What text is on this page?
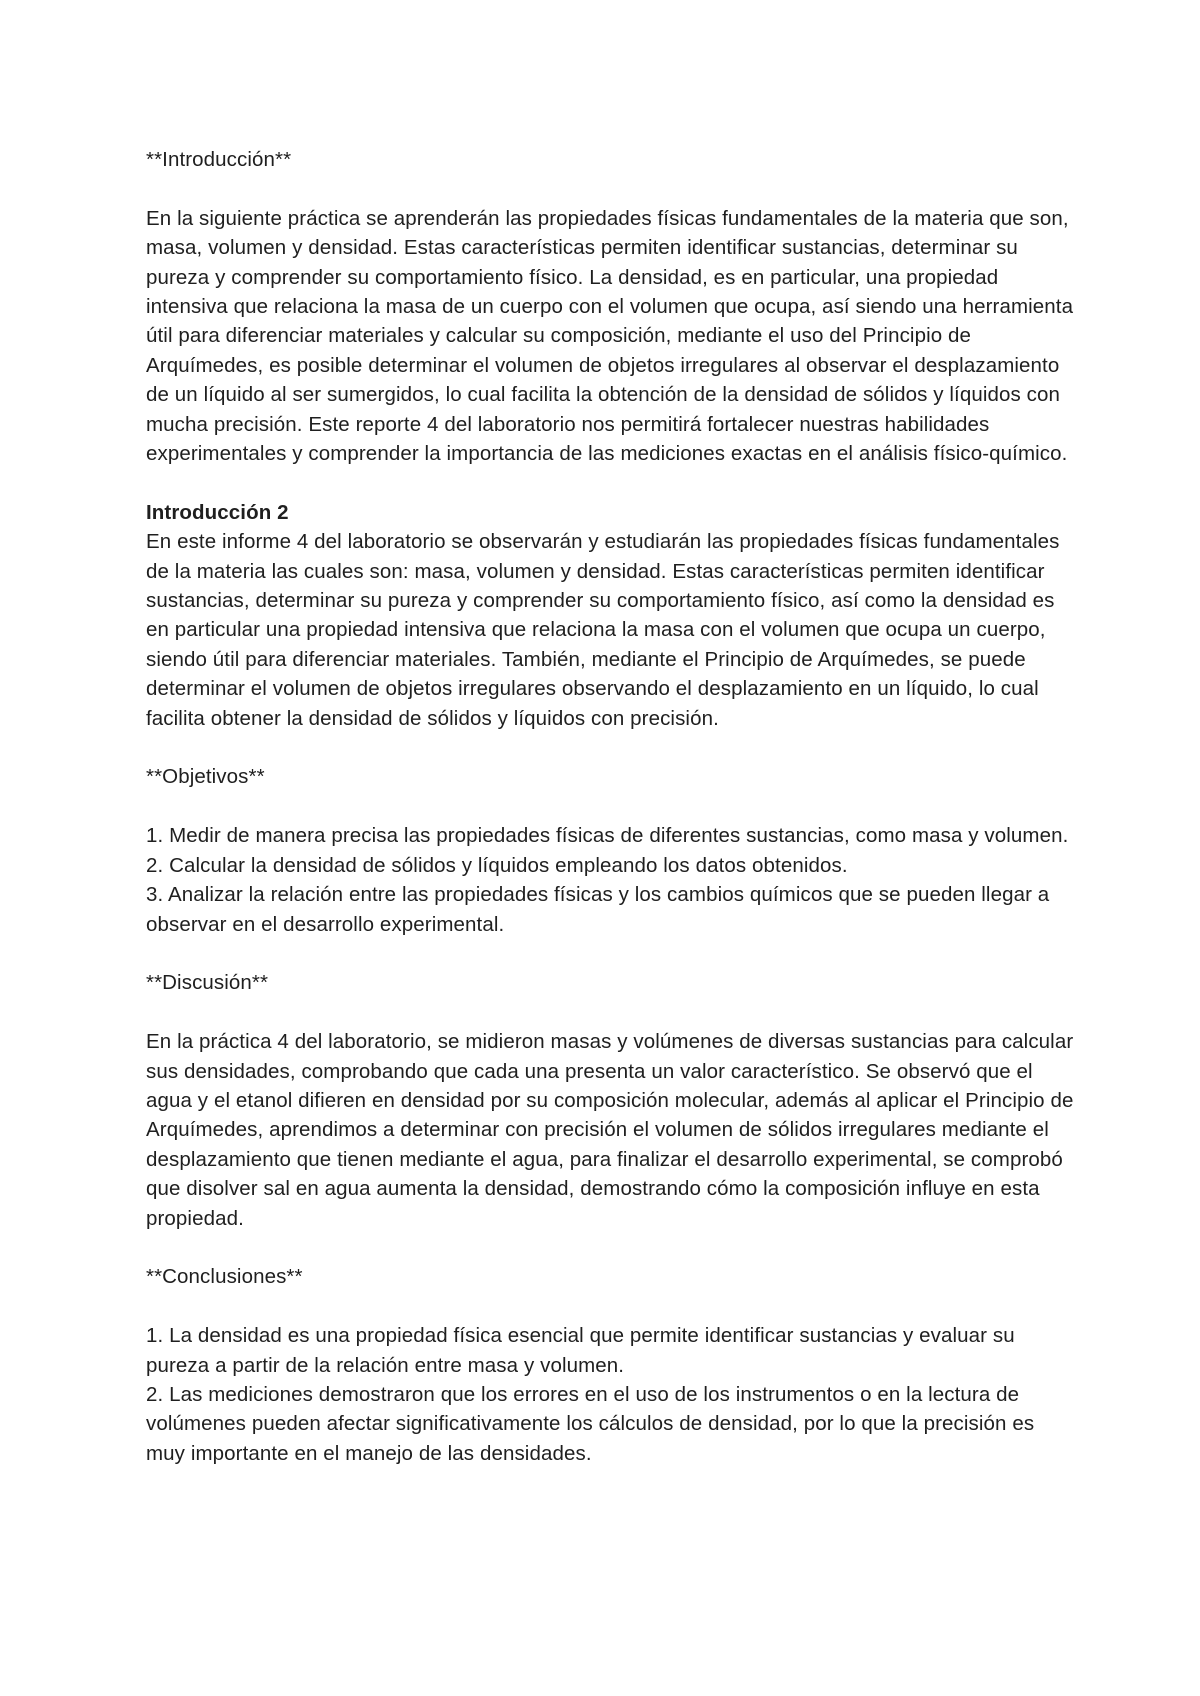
**Introducción**

En la siguiente práctica se aprenderán las propiedades físicas fundamentales de la materia que son, masa, volumen y densidad. Estas características permiten identificar sustancias, determinar su pureza y comprender su comportamiento físico. La densidad, es en particular, una propiedad intensiva que relaciona la masa de un cuerpo con el volumen que ocupa, así siendo una herramienta útil para diferenciar materiales y calcular su composición, mediante el uso del Principio de Arquímedes, es posible determinar el volumen de objetos irregulares al observar el desplazamiento de un líquido al ser sumergidos, lo cual facilita la obtención de la densidad de sólidos y líquidos con mucha precisión. Este reporte 4 del laboratorio nos permitirá fortalecer nuestras habilidades experimentales y comprender la importancia de las mediciones exactas en el análisis físico-químico.

Introducción 2

En este informe 4 del laboratorio se observarán y estudiarán las propiedades físicas fundamentales de la materia las cuales son: masa, volumen y densidad. Estas características permiten identificar sustancias, determinar su pureza y comprender su comportamiento físico, así como la densidad es en particular una propiedad intensiva que relaciona la masa con el volumen que ocupa un cuerpo, siendo útil para diferenciar materiales. También, mediante el Principio de Arquímedes, se puede determinar el volumen de objetos irregulares observando el desplazamiento en un líquido, lo cual facilita obtener la densidad de sólidos y líquidos con precisión.

**Objetivos**

1. Medir de manera precisa las propiedades físicas de diferentes sustancias, como masa y volumen.

2. Calcular la densidad de sólidos y líquidos empleando los datos obtenidos.

3. Analizar la relación entre las propiedades físicas y los cambios químicos que se pueden llegar a observar en el desarrollo experimental.

**Discusión**

En la práctica 4 del laboratorio, se midieron masas y volúmenes de diversas sustancias para calcular sus densidades, comprobando que cada una presenta un valor característico. Se observó que el agua y el etanol difieren en densidad por su composición molecular, además al aplicar el Principio de Arquímedes, aprendimos a determinar con precisión el volumen de sólidos irregulares mediante el desplazamiento que tienen mediante el agua, para finalizar el desarrollo experimental, se comprobó que disolver sal en agua aumenta la densidad, demostrando cómo la composición influye en esta propiedad.

**Conclusiones**

1. La densidad es una propiedad física esencial que permite identificar sustancias y evaluar su pureza a partir de la relación entre masa y volumen.

2. Las mediciones demostraron que los errores en el uso de los instrumentos o en la lectura de volúmenes pueden afectar significativamente los cálculos de densidad, por lo que la precisión es muy importante en el manejo de las densidades.
